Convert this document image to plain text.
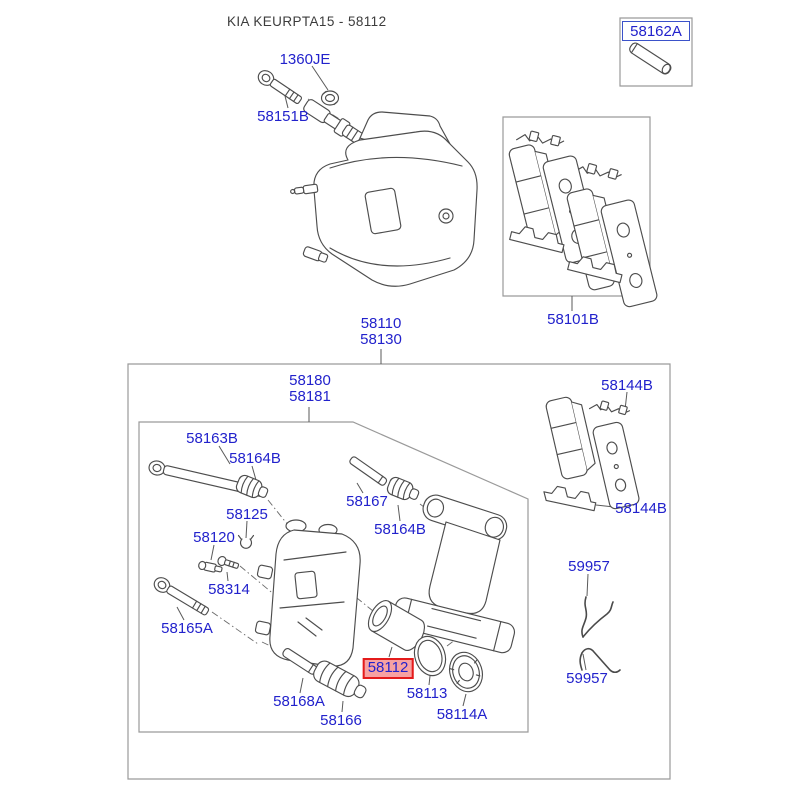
KIA KEURPTA15 - 58112
58162A
1360JE
58151B
58101B
58110
58130
58180
58181
58163B
58164B
58167
58164B
58125
58120
58314
58165A
58168A
58166
58112
58113
58114A
58144B
58144B
59957
59957
